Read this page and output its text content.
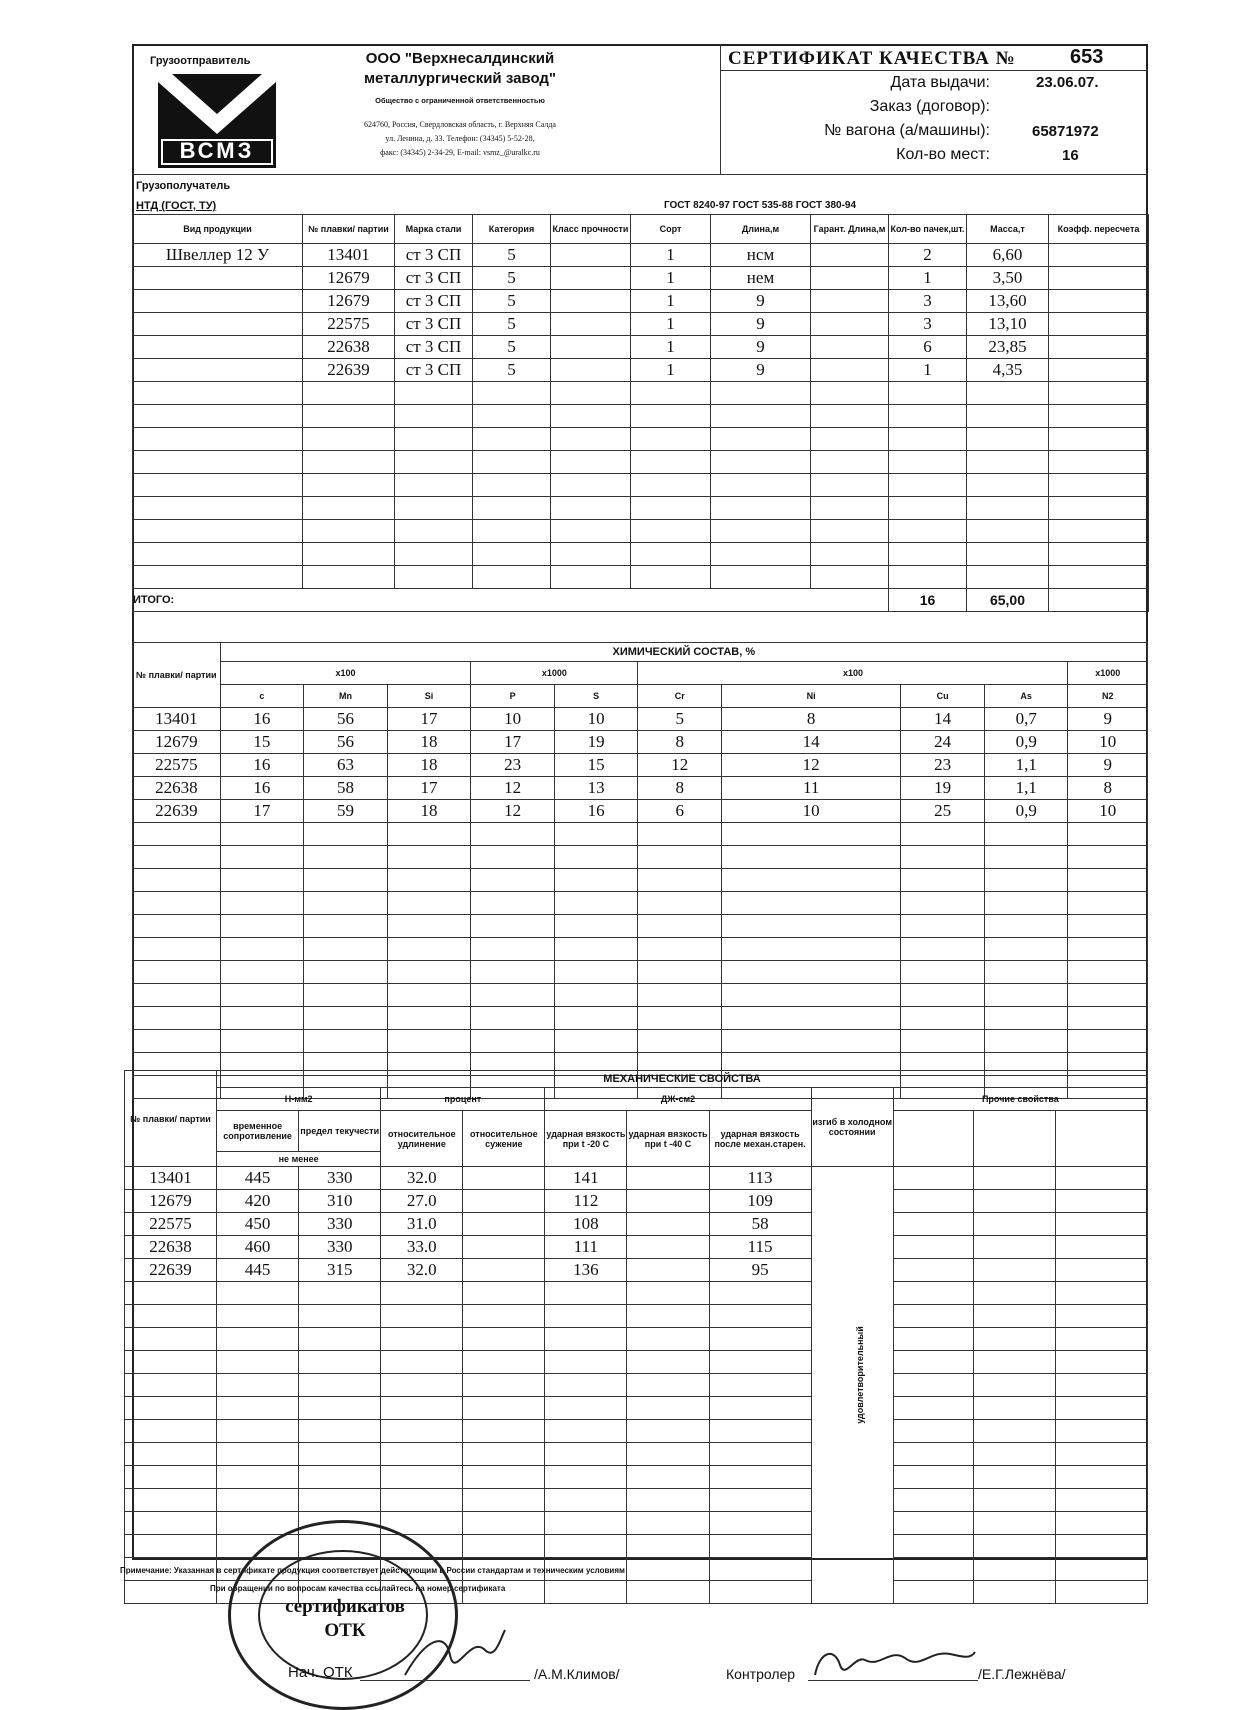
Грузоотправитель
ВСМЗ
ООО "Верхнесалдинский
металлургический завод"
Общество с ограниченной ответственностью
624760, Россия, Свердловская область, г. Верхняя Салда
ул. Ленина, д. 33. Телефон: (34345) 5-52-28,
факс: (34345) 2-34-29, E-mail: vsmz_@uralkc.ru
СЕРТИФИКАТ КАЧЕСТВА №	653
Дата выдачи:	23.06.07.
Заказ (договор):
№ вагона (а/машины):	65871972
Кол-во мест:	16
Грузополучатель
НТД (ГОСТ, ТУ)	ГОСТ 8240-97 ГОСТ 535-88 ГОСТ 380-94
Вид продукции	№ плавки/ партии	Марка стали	Категория	Класс прочности	Сорт	Длина,м	Гарант. Длина,м	Кол-во пачек,шт.	Масса,т	Коэфф. пересчета
Швеллер 12 У	13401	ст 3 СП	5		1	нсм		2	6,60	
	12679	ст 3 СП	5		1	нем		1	3,50	
	12679	ст 3 СП	5		1	9		3	13,60	
	22575	ст 3 СП	5		1	9		3	13,10	
	22638	ст 3 СП	5		1	9		6	23,85	
	22639	ст 3 СП	5		1	9		1	4,35	

ИТОГО:								16	65,00	
№ плавки/ партии	ХИМИЧЕСКИЙ СОСТАВ, %									
	x100			x1000		x100				x1000
	c	Mn	Si	P	S	Cr	Ni	Cu	As	N2
13401	16	56	17	10	10	5	8	14	0,7	9
12679	15	56	18	17	19	8	14	24	0,9	10
22575	16	63	18	23	15	12	12	23	1,1	9
22638	16	58	17	12	13	8	11	19	1,1	8
22639	17	59	18	12	16	6	10	25	0,9	10

№ плавки/ партии	МЕХАНИЧЕСКИЕ СВОЙСТВА										
	Н-мм2		процент		ДЖ-см2			изгиб в холодном состоянии	Прочие свойства		
	временное сопротивление	предел текучести	относительное удлинение	относительное сужение	ударная вязкость при t -20 С	ударная вязкость при t -40 С	ударная вязкость после механ.старен.				
	не менее										
13401	445	330	32.0		141		113				
12679	420	310	27.0		112		109				
22575	450	330	31.0		108		58				
22638	460	330	33.0		111		115				
22639	445	315	32.0		136		95				

удовлетворительный
Примечание: Указанная в сертификате продукция соответствует действующим в России стандартам и техническим условиям
При обращении по вопросам качества ссылайтесь на номер сертификата
сертификатов
ОТК
Нач. ОТК	/А.М.Климов/	Контролер	/Е.Г.Лежнёва/
